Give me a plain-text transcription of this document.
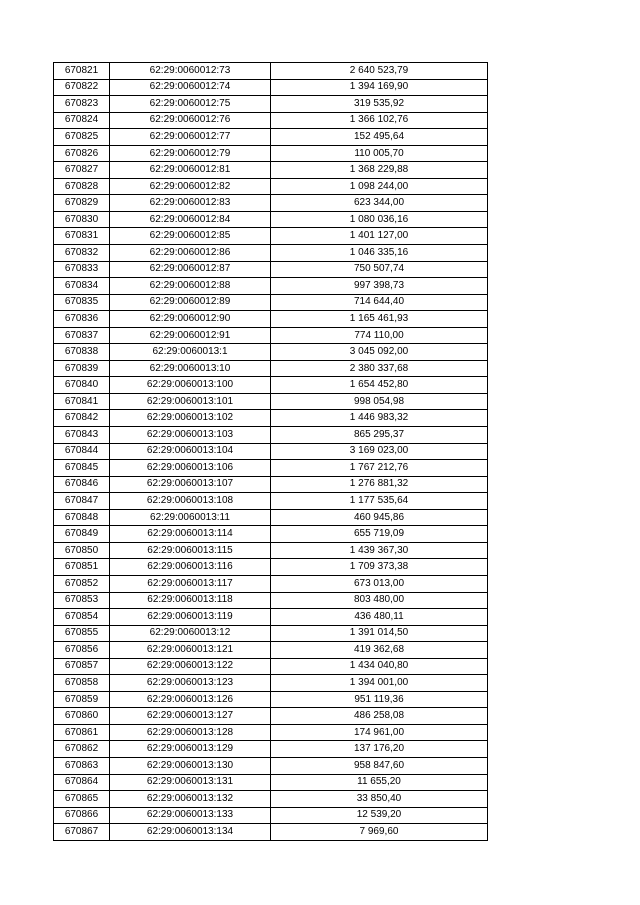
670821	62:29:0060012:73	2 640 523,79
670822	62:29:0060012:74	1 394 169,90
670823	62:29:0060012:75	319 535,92
670824	62:29:0060012:76	1 366 102,76
670825	62:29:0060012:77	152 495,64
670826	62:29:0060012:79	110 005,70
670827	62:29:0060012:81	1 368 229,88
670828	62:29:0060012:82	1 098 244,00
670829	62:29:0060012:83	623 344,00
670830	62:29:0060012:84	1 080 036,16
670831	62:29:0060012:85	1 401 127,00
670832	62:29:0060012:86	1 046 335,16
670833	62:29:0060012:87	750 507,74
670834	62:29:0060012:88	997 398,73
670835	62:29:0060012:89	714 644,40
670836	62:29:0060012:90	1 165 461,93
670837	62:29:0060012:91	774 110,00
670838	62:29:0060013:1	3 045 092,00
670839	62:29:0060013:10	2 380 337,68
670840	62:29:0060013:100	1 654 452,80
670841	62:29:0060013:101	998 054,98
670842	62:29:0060013:102	1 446 983,32
670843	62:29:0060013:103	865 295,37
670844	62:29:0060013:104	3 169 023,00
670845	62:29:0060013:106	1 767 212,76
670846	62:29:0060013:107	1 276 881,32
670847	62:29:0060013:108	1 177 535,64
670848	62:29:0060013:11	460 945,86
670849	62:29:0060013:114	655 719,09
670850	62:29:0060013:115	1 439 367,30
670851	62:29:0060013:116	1 709 373,38
670852	62:29:0060013:117	673 013,00
670853	62:29:0060013:118	803 480,00
670854	62:29:0060013:119	436 480,11
670855	62:29:0060013:12	1 391 014,50
670856	62:29:0060013:121	419 362,68
670857	62:29:0060013:122	1 434 040,80
670858	62:29:0060013:123	1 394 001,00
670859	62:29:0060013:126	951 119,36
670860	62:29:0060013:127	486 258,08
670861	62:29:0060013:128	174 961,00
670862	62:29:0060013:129	137 176,20
670863	62:29:0060013:130	958 847,60
670864	62:29:0060013:131	11 655,20
670865	62:29:0060013:132	33 850,40
670866	62:29:0060013:133	12 539,20
670867	62:29:0060013:134	7 969,60
